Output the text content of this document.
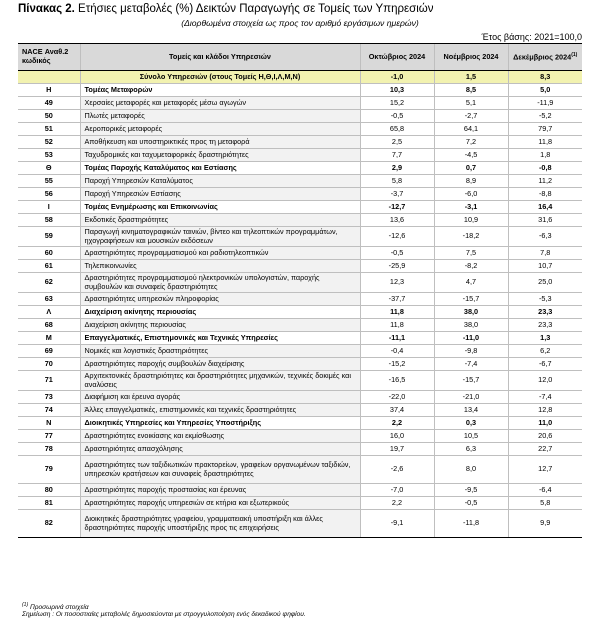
Πίνακας 2. Ετήσιες μεταβολές (%) Δεικτών Παραγωγής σε Τομείς των Υπηρεσιών
(Διορθωμένα στοιχεία ως προς τον αριθμό εργάσιμων ημερών)
Έτος βάσης: 2021=100,0
NACE Αναθ.2 κωδικός	Τομείς και κλάδοι Υπηρεσιών	Οκτώβριος 2024	Νοέμβριος 2024	Δεκέμβριος 2024$^{(1)}$
	Σύνολο Υπηρεσιών (στους Τομείς Η,Θ,Ι,Λ,Μ,Ν)	-1,0	1,5	8,3
Η	Τομέας Μεταφορών	10,3	8,5	5,0
49	Χερσαίες μεταφορές και μεταφορές μέσω αγωγών	15,2	5,1	-11,9
50	Πλωτές μεταφορές	-0,5	-2,7	-5,2
51	Αεροπορικές μεταφορές	65,8	64,1	79,7
52	Αποθήκευση και υποστηρικτικές προς τη μεταφορά	2,5	7,2	11,8
53	Ταχυδρομικές και ταχυμεταφορικές δραστηριότητες	7,7	-4,5	1,8
Θ	Τομέας Παροχής Καταλύματος και Εστίασης	2,9	0,7	-0,8
55	Παροχή Υπηρεσιών Καταλύματος	5,8	8,9	11,2
56	Παροχή Υπηρεσιών Εστίασης	-3,7	-6,0	-8,8
Ι	Τομέας Ενημέρωσης και Επικοινωνίας	-12,7	-3,1	16,4
58	Εκδοτικές δραστηριότητες	13,6	10,9	31,6
59	Παραγωγή κινηματογραφικών ταινιών, βίντεο και τηλεοπτικών προγραμμάτων, ηχογραφήσεων και μουσικών εκδόσεων	-12,6	-18,2	-6,3
60	Δραστηριότητες προγραμματισμού και ραδιοτηλεοπτικών	-0,5	7,5	7,8
61	Τηλεπικοινωνίες	-25,9	-8,2	10,7
62	Δραστηριότητες προγραμματισμού ηλεκτρονικών υπολογιστών, παροχής συμβουλών και συναφείς δραστηριότητες	12,3	4,7	25,0
63	Δραστηριότητες υπηρεσιών πληροφορίας	-37,7	-15,7	-5,3
Λ	Διαχείριση ακίνητης περιουσίας	11,8	38,0	23,3
68	Διαχείριση ακίνητης περιουσίας	11,8	38,0	23,3
Μ	Επαγγελματικές, Επιστημονικές και Τεχνικές Υπηρεσίες	-11,1	-11,0	1,3
69	Νομικές και λογιστικές δραστηριότητες	-0,4	-9,8	6,2
70	Δραστηριότητες παροχής συμβουλών διαχείρισης	-15,2	-7,4	-6,7
71	Αρχιτεκτονικές δραστηριότητες και δραστηριότητες μηχανικών, τεχνικές δοκιμές και αναλύσεις	-16,5	-15,7	12,0
73	Διαφήμιση και έρευνα αγοράς	-22,0	-21,0	-7,4
74	Άλλες επαγγελματικές, επιστημονικές και τεχνικές δραστηριότητες	37,4	13,4	12,8
Ν	Διοικητικές Υπηρεσίες και Υπηρεσίες Υποστήριξης	2,2	0,3	11,0
77	Δραστηριότητες ενοικίασης και εκμίσθωσης	16,0	10,5	20,6
78	Δραστηριότητες απασχόλησης	19,7	6,3	22,7
79	Δραστηριότητες των ταξιδιωτικών πρακτορείων, γραφείων οργανωμένων ταξιδιών, υπηρεσιών κρατήσεων και συναφείς δραστηριότητες	-2,6	8,0	12,7
80	Δραστηριότητες παροχής προστασίας και έρευνας	-7,0	-9,5	-6,4
81	Δραστηριότητες παροχής υπηρεσιών σε κτήρια και εξωτερικούς	2,2	-0,5	5,8
82	Διοικητικές δραστηριότητες γραφείου, γραμματειακή υποστήριξη και άλλες δραστηριότητες παροχής υποστήριξης προς τις επιχειρήσεις	-9,1	-11,8	9,9
$^{(1)}$ Προσωρινά στοιχεία
Σημείωση : Οι ποσοστιαίες μεταβολές δημοσιεύονται με στρογγυλοποίηση ενός δεκαδικού ψηφίου.
